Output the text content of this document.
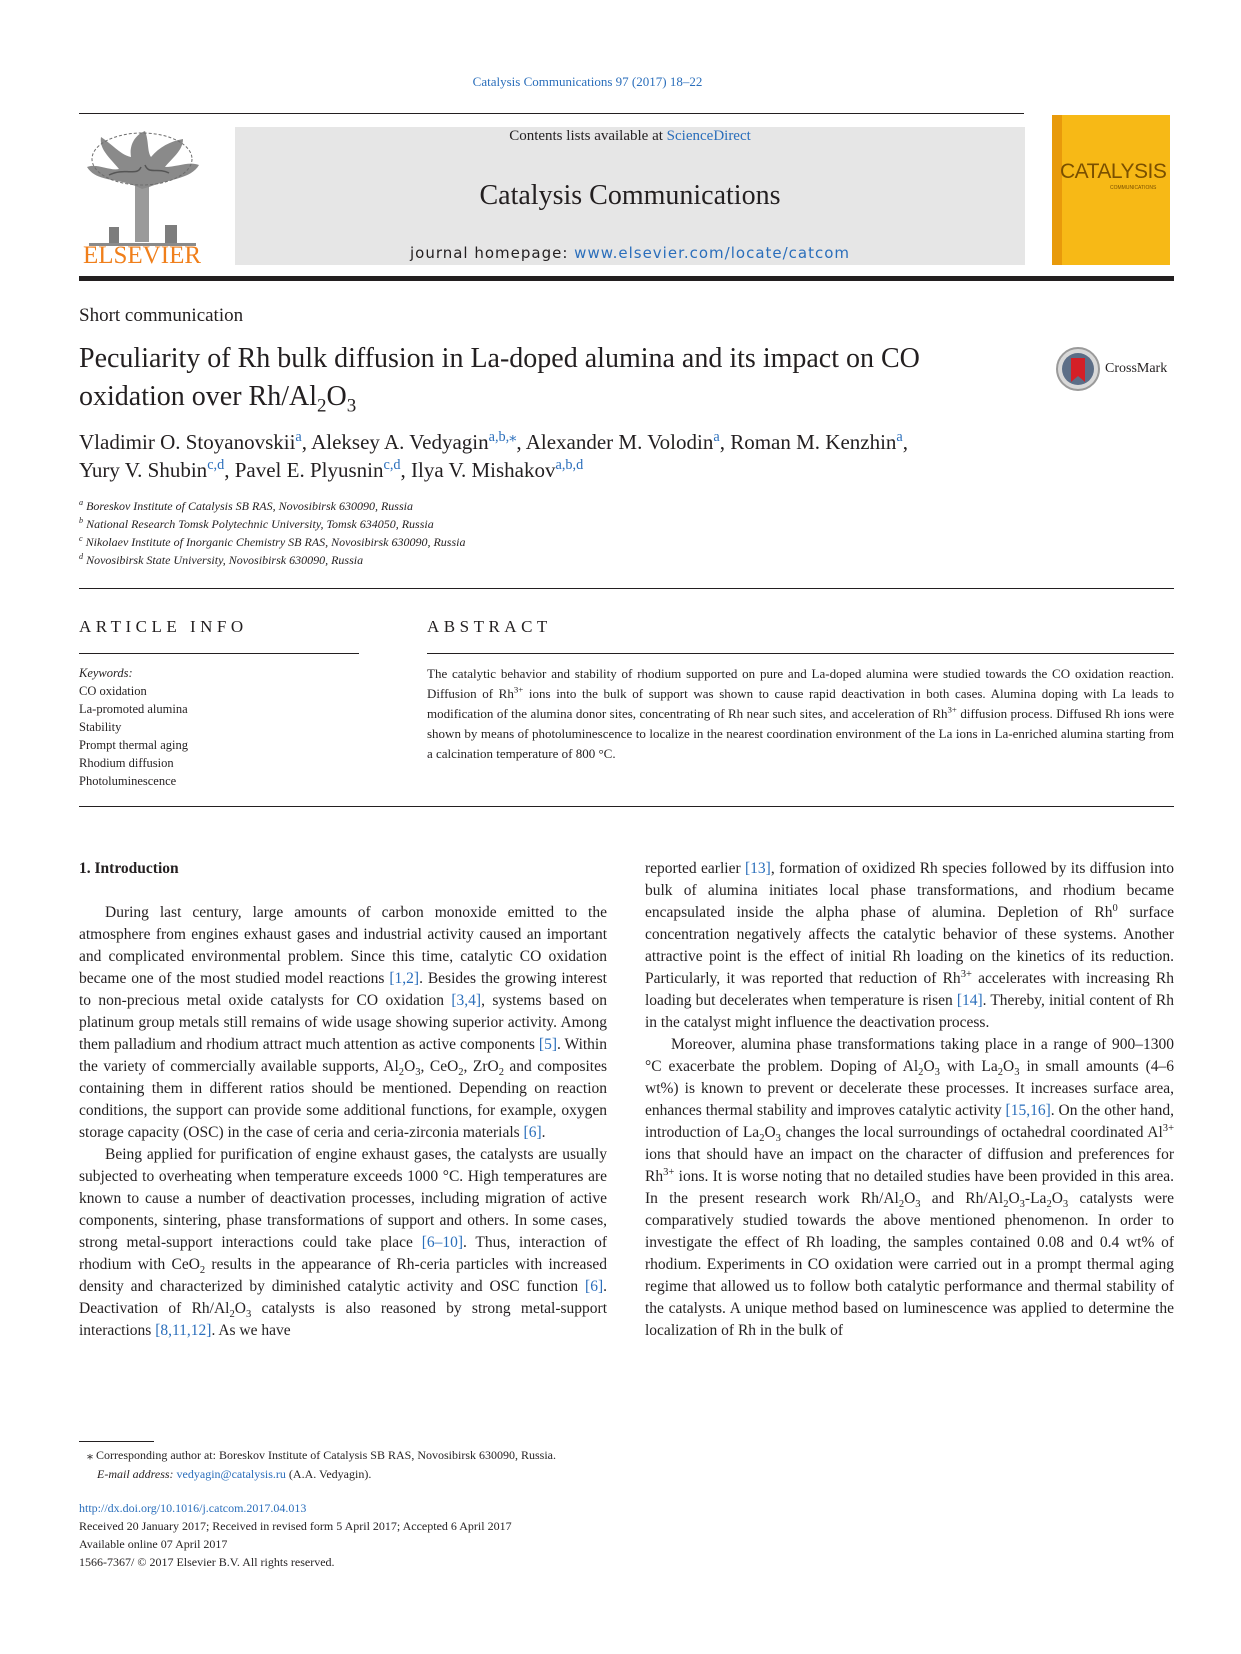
Catalysis Communications 97 (2017) 18–22
ELSEVIER
Contents lists available at ScienceDirect
Catalysis Communications
journal homepage: www.elsevier.com/locate/catcom
CATALYSIS
COMMUNICATIONS
Short communication
Peculiarity of Rh bulk diffusion in La-doped alumina and its impact on CO
oxidation over $Rh/Al_2O_3$
CrossMark
Vladimir O. Stoyanovskii$^a$, Aleksey A. Vedyagin$^{a,b,⁎}$, Alexander M. Volodin$^a$, Roman M. Kenzhin$^a$,
Yury V. Shubin$^{c,d}$, Pavel E. Plyusnin$^{c,d}$, Ilya V. Mishakov$^{a,b,d}$
$^a$ Boreskov Institute of Catalysis SB RAS, Novosibirsk 630090, Russia
$^b$ National Research Tomsk Polytechnic University, Tomsk 634050, Russia
$^c$ Nikolaev Institute of Inorganic Chemistry SB RAS, Novosibirsk 630090, Russia
$^d$ Novosibirsk State University, Novosibirsk 630090, Russia
ARTICLE INFO	ABSTRACT
Keywords:
CO oxidation
La-promoted alumina
Stability
Prompt thermal aging
Rhodium diffusion
Photoluminescence
The catalytic behavior and stability of rhodium supported on pure and La-doped alumina were studied towards the CO oxidation reaction. Diffusion of $Rh^{3+}$ ions into the bulk of support was shown to cause rapid deactivation in both cases. Alumina doping with La leads to modification of the alumina donor sites, concentrating of Rh near such sites, and acceleration of $Rh^{3+}$ diffusion process. Diffused Rh ions were shown by means of photoluminescence to localize in the nearest coordination environment of the La ions in La-enriched alumina starting from a calcination temperature of 800 °C.
1. Introduction

During last century, large amounts of carbon monoxide emitted to the atmosphere from engines exhaust gases and industrial activity caused an important and complicated environmental problem. Since this time, catalytic CO oxidation became one of the most studied model reactions [1,2]. Besides the growing interest to non-precious metal oxide catalysts for CO oxidation [3,4], systems based on platinum group metals still remains of wide usage showing superior activity. Among them palladium and rhodium attract much attention as active components [5]. Within the variety of commercially available supports, $Al_2O_3$, CeO$_2$, ZrO$_2$ and composites containing them in different ratios should be mentioned. Depending on reaction conditions, the support can provide some additional functions, for example, oxygen storage capacity (OSC) in the case of ceria and ceria-zirconia materials [6].

Being applied for purification of engine exhaust gases, the catalysts are usually subjected to overheating when temperature exceeds 1000 °C. High temperatures are known to cause a number of deactivation processes, including migration of active components, sintering, phase transformations of support and others. In some cases, strong metal-support interactions could take place [6–10]. Thus, interaction of rhodium with CeO$_2$ results in the appearance of Rh-ceria particles with increased density and characterized by diminished catalytic activity and OSC function [6]. Deactivation of $Rh/Al_2O_3$ catalysts is also reasoned by strong metal-support interactions [8,11,12]. As we have

reported earlier [13], formation of oxidized Rh species followed by its diffusion into bulk of alumina initiates local phase transformations, and rhodium became encapsulated inside the alpha phase of alumina. Depletion of Rh$^0$ surface concentration negatively affects the catalytic behavior of these systems. Another attractive point is the effect of initial Rh loading on the kinetics of its reduction. Particularly, it was reported that reduction of $Rh^{3+}$ accelerates with increasing Rh loading but decelerates when temperature is risen [14]. Thereby, initial content of Rh in the catalyst might influence the deactivation process.

Moreover, alumina phase transformations taking place in a range of 900–1300 °C exacerbate the problem. Doping of $Al_2O_3$ with $La_2O_3$ in small amounts (4–6 wt%) is known to prevent or decelerate these processes. It increases surface area, enhances thermal stability and improves catalytic activity [15,16]. On the other hand, introduction of $La_2O_3$ changes the local surroundings of octahedral coordinated $Al^{3+}$ ions that should have an impact on the character of diffusion and preferences for $Rh^{3+}$ ions. It is worse noting that no detailed studies have been provided in this area. In the present research work $Rh/Al_2O_3$ and $Rh/Al_2O_3-La_2O_3$ catalysts were comparatively studied towards the above mentioned phenomenon. In order to investigate the effect of Rh loading, the samples contained 0.08 and 0.4 wt% of rhodium. Experiments in CO oxidation were carried out in a prompt thermal aging regime that allowed us to follow both catalytic performance and thermal stability of the catalysts. A unique method based on luminescence was applied to determine the localization of Rh in the bulk of

⁎ Corresponding author at: Boreskov Institute of Catalysis SB RAS, Novosibirsk 630090, Russia.
E-mail address: vedyagin@catalysis.ru (A.A. Vedyagin).
http://dx.doi.org/10.1016/j.catcom.2017.04.013
Received 20 January 2017; Received in revised form 5 April 2017; Accepted 6 April 2017
Available online 07 April 2017
1566-7367/ © 2017 Elsevier B.V. All rights reserved.
